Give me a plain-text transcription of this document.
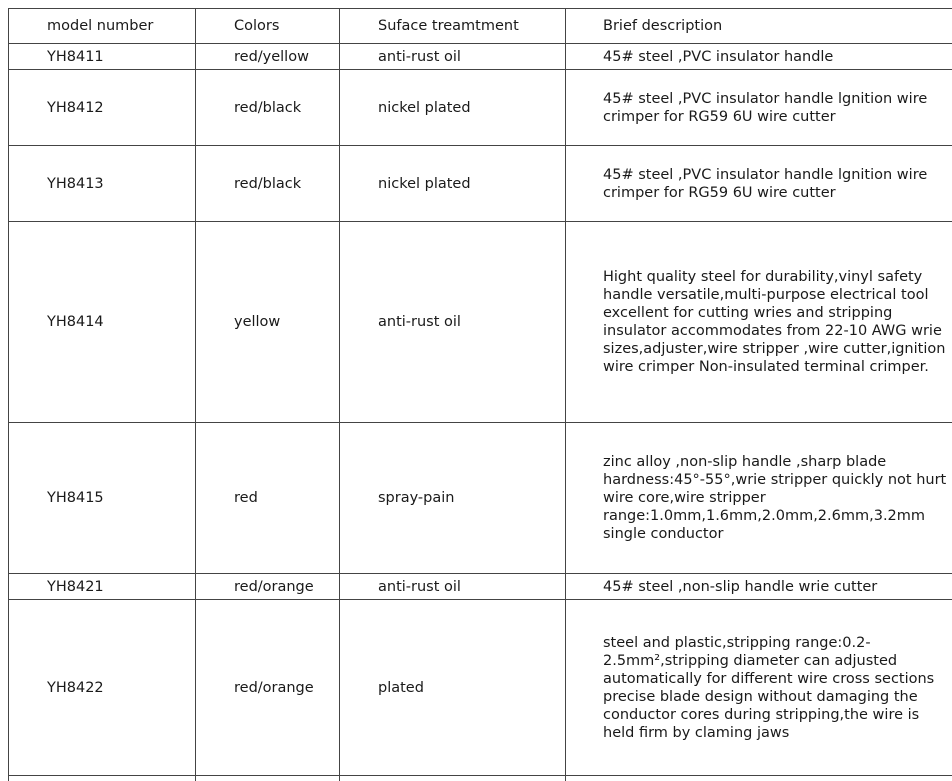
model number	Colors	Suface treamtment	Brief description
YH8411	red/yellow	anti-rust oil	45# steel ,PVC insulator handle

YH8412	red/black	nickel plated	45# steel ,PVC insulator handle lgnition wire crimper for RG59 6U wire cutter

YH8413	red/black	nickel plated	45# steel ,PVC insulator handle lgnition wire crimper for RG59 6U wire cutter

YH8414	yellow	anti-rust oil	Hight quality steel for durability,vinyl safety handle versatile,multi-purpose electrical tool excellent for cutting wries and stripping insulator accommodates from 22-10 AWG wrie sizes,adjuster,wire stripper ,wire cutter,ignition wire crimper Non-insulated terminal crimper.

YH8415	red	spray-pain	zinc alloy ,non-slip handle ,sharp blade hardness:45°-55°,wrie stripper quickly not hurt wire core,wire stripper range:1.0mm,1.6mm,2.0mm,2.6mm,3.2mm single conductor

YH8421	red/orange	anti-rust oil	45# steel ,non-slip handle wrie cutter

YH8422	red/orange	plated	steel and plastic,stripping range:0.2-2.5mm²,stripping diameter can adjusted automatically for different wire cross sections precise blade design without damaging the conductor cores during stripping,the wire is held firm by claming jaws
